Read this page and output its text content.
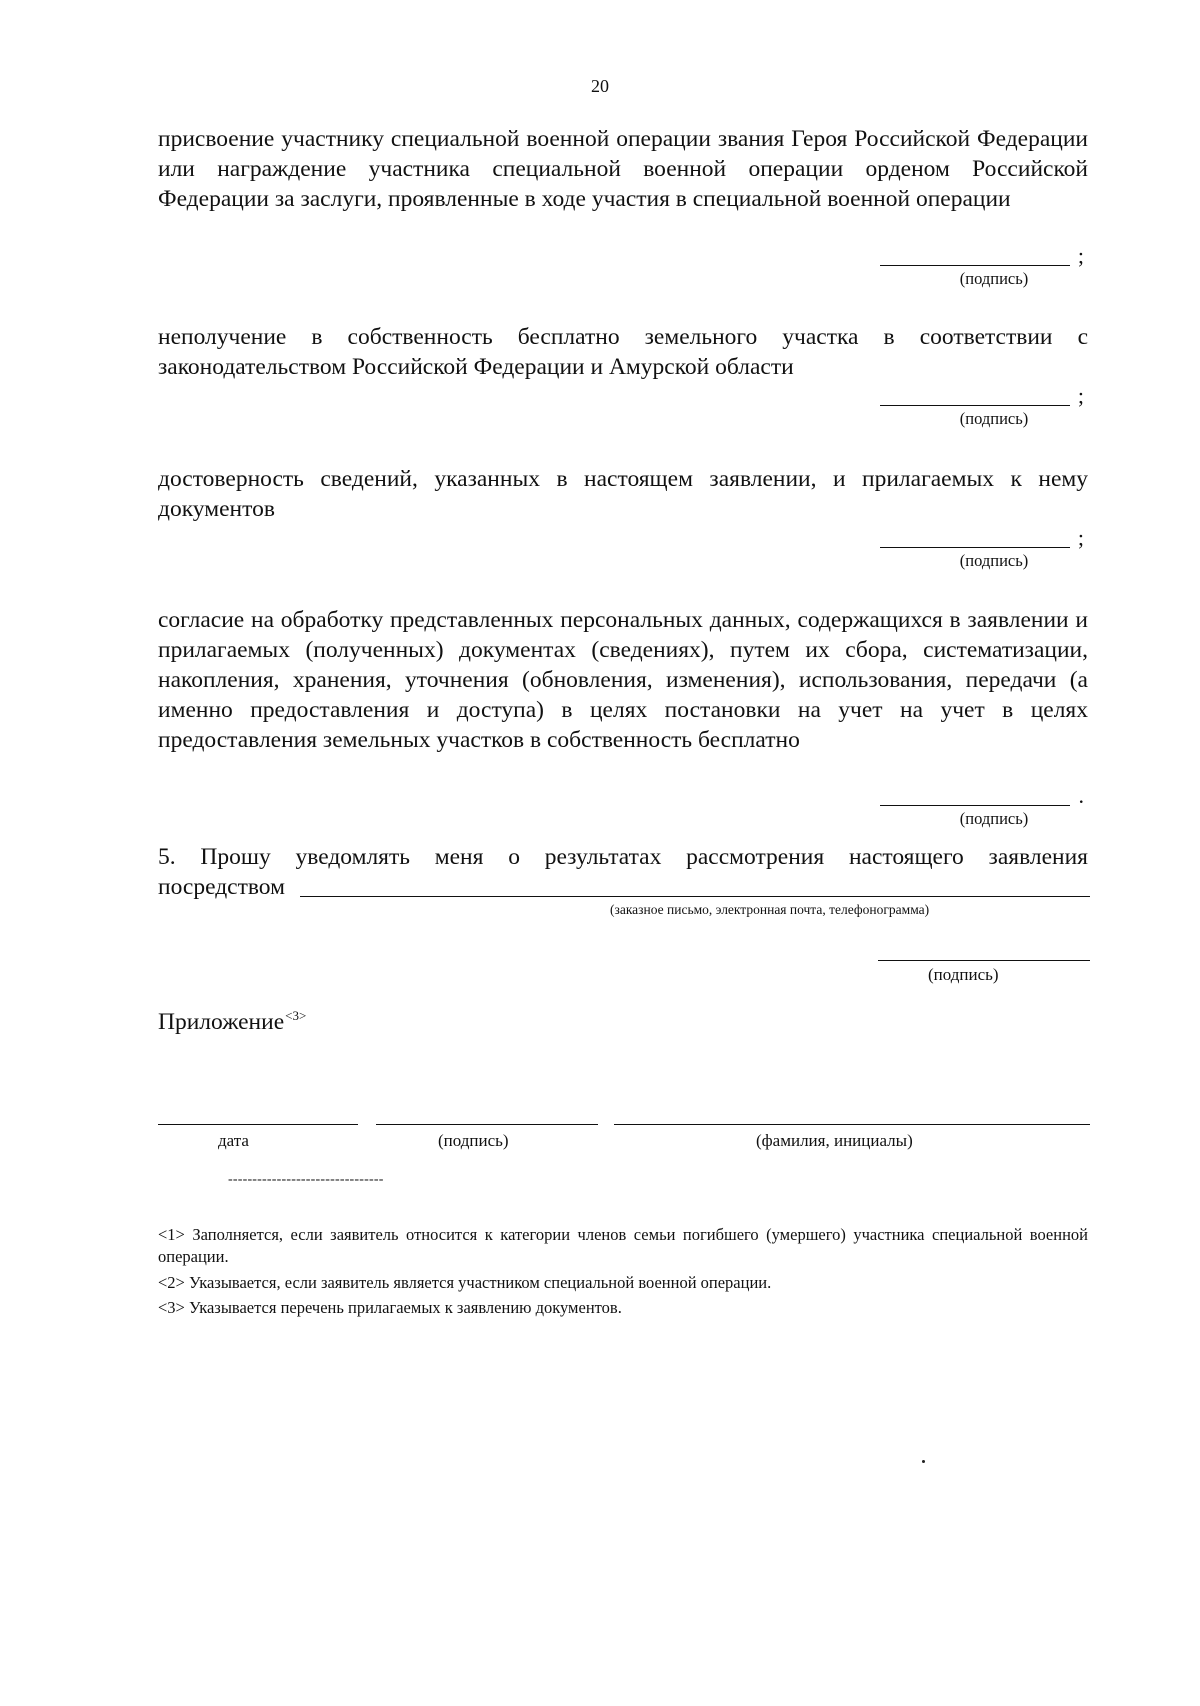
20
присвоение участнику специальной военной операции звания Героя Российской Федерации или награждение участника специальной военной операции орденом Российской Федерации за заслуги, проявленные в ходе участия в специальной военной операции
;
(подпись)
неполучение в собственность бесплатно земельного участка в соответствии с законодательством Российской Федерации и Амурской области
;
(подпись)
достоверность сведений, указанных в настоящем заявлении, и прилагаемых к нему документов
;
(подпись)
согласие на обработку представленных персональных данных, содержащихся в заявлении и прилагаемых (полученных) документах (сведениях), путем их сбора, систематизации, накопления, хранения, уточнения (обновления, изменения), использования, передачи (а именно предоставления и доступа) в целях постановки на учет на учет в целях предоставления земельных участков в собственность бесплатно
.
(подпись)
5. Прошу уведомлять меня о результатах рассмотрения настоящего заявления
посредством
(заказное письмо, электронная почта, телефонограмма)
(подпись)
Приложение$^{<3>}$
дата	(подпись)	(фамилия, инициалы)
--------------------------------
<1> Заполняется, если заявитель относится к категории членов семьи погибшего (умершего) участника специальной военной операции.
<2> Указывается, если заявитель является участником специальной военной операции.
<3> Указывается перечень прилагаемых к заявлению документов.
